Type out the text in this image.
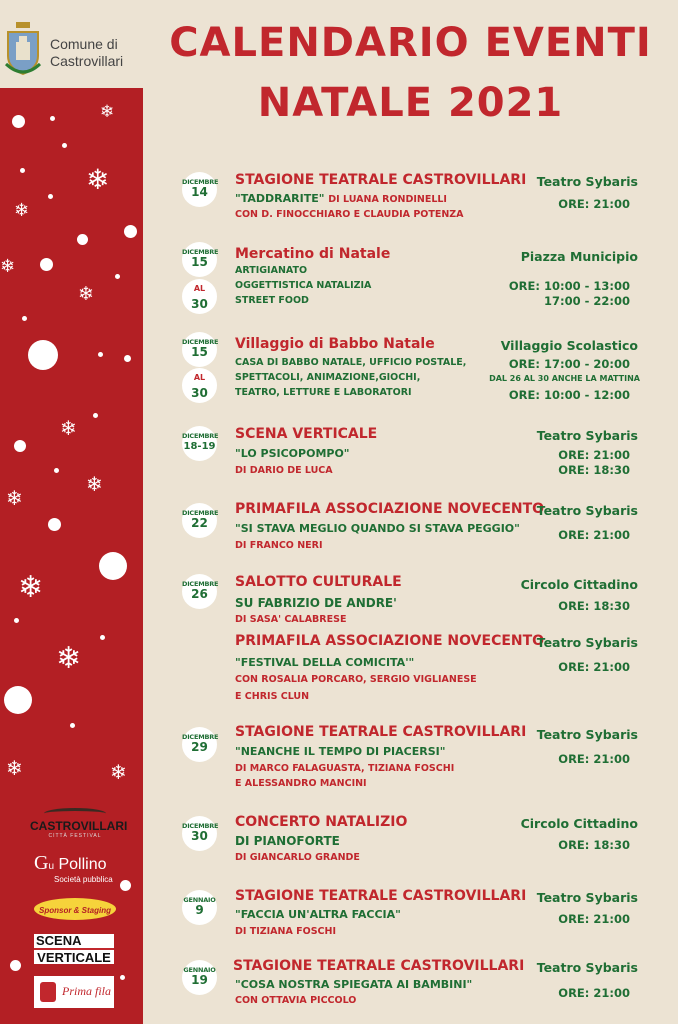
Comune di
Castrovillari
❄
❄
❄
❄
❄
❄
❄
❄
❄
❄
❄	❄
CASTROVILLARI
CITTÀ FESTIVAL
Gu Pollino
Società pubblica
Sponsor & Staging
SCENA
VERTICALE
Prima fila
CALENDARIO EVENTI
NATALE 2021
DICEMBRE
14
STAGIONE TEATRALE CASTROVILLARI Teatro Sybaris
"TADDRARITE" DI LUANA RONDINELLI
CON D. FINOCCHIARO E CLAUDIA POTENZA
ORE: 21:00
DICEMBRE
15
AL
30
Mercatino di Natale	Piazza Municipio
ARTIGIANATO
OGGETTISTICA NATALIZIA
STREET FOOD
ORE: 10:00 - 13:00
17:00 - 22:00
DICEMBRE
15
AL
30
Villaggio di Babbo Natale	Villaggio Scolastico
CASA DI BABBO NATALE, UFFICIO POSTALE,
SPETTACOLI, ANIMAZIONE,GIOCHI,
TEATRO, LETTURE E LABORATORI
ORE: 17:00 - 20:00
DAL 26 AL 30 ANCHE LA MATTINA
ORE: 10:00 - 12:00
DICEMBRE
18-19
SCENA VERTICALE	Teatro Sybaris
"LO PSICOPOMPO"
DI DARIO DE LUCA
ORE: 21:00
ORE: 18:30
DICEMBRE
22
PRIMAFILA ASSOCIAZIONE NOVECENTO
Teatro Sybaris
"SI STAVA MEGLIO QUANDO SI STAVA PEGGIO"
DI FRANCO NERI
ORE: 21:00
DICEMBRE
26
SALOTTO CULTURALE	Circolo Cittadino
SU FABRIZIO DE ANDRE'
DI SASA' CALABRESE
ORE: 18:30
PRIMAFILA ASSOCIAZIONE NOVECENTO
Teatro Sybaris
"FESTIVAL DELLA COMICITA'"
CON ROSALIA PORCARO, SERGIO VIGLIANESE
E CHRIS CLUN
ORE: 21:00
DICEMBRE
29
STAGIONE TEATRALE CASTROVILLARI Teatro Sybaris
"NEANCHE IL TEMPO DI PIACERSI"
DI MARCO FALAGUASTA, TIZIANA FOSCHI
E ALESSANDRO MANCINI
ORE: 21:00
DICEMBRE
30
CONCERTO NATALIZIO	Circolo Cittadino
DI PIANOFORTE
DI GIANCARLO GRANDE
ORE: 18:30
GENNAIO
9
STAGIONE TEATRALE CASTROVILLARI Teatro Sybaris
"FACCIA UN'ALTRA FACCIA"
DI TIZIANA FOSCHI
ORE: 21:00
GENNAIO
19
STAGIONE TEATRALE CASTROVILLARI Teatro Sybaris
"COSA NOSTRA SPIEGATA AI BAMBINI"
CON OTTAVIA PICCOLO
ORE: 21:00
